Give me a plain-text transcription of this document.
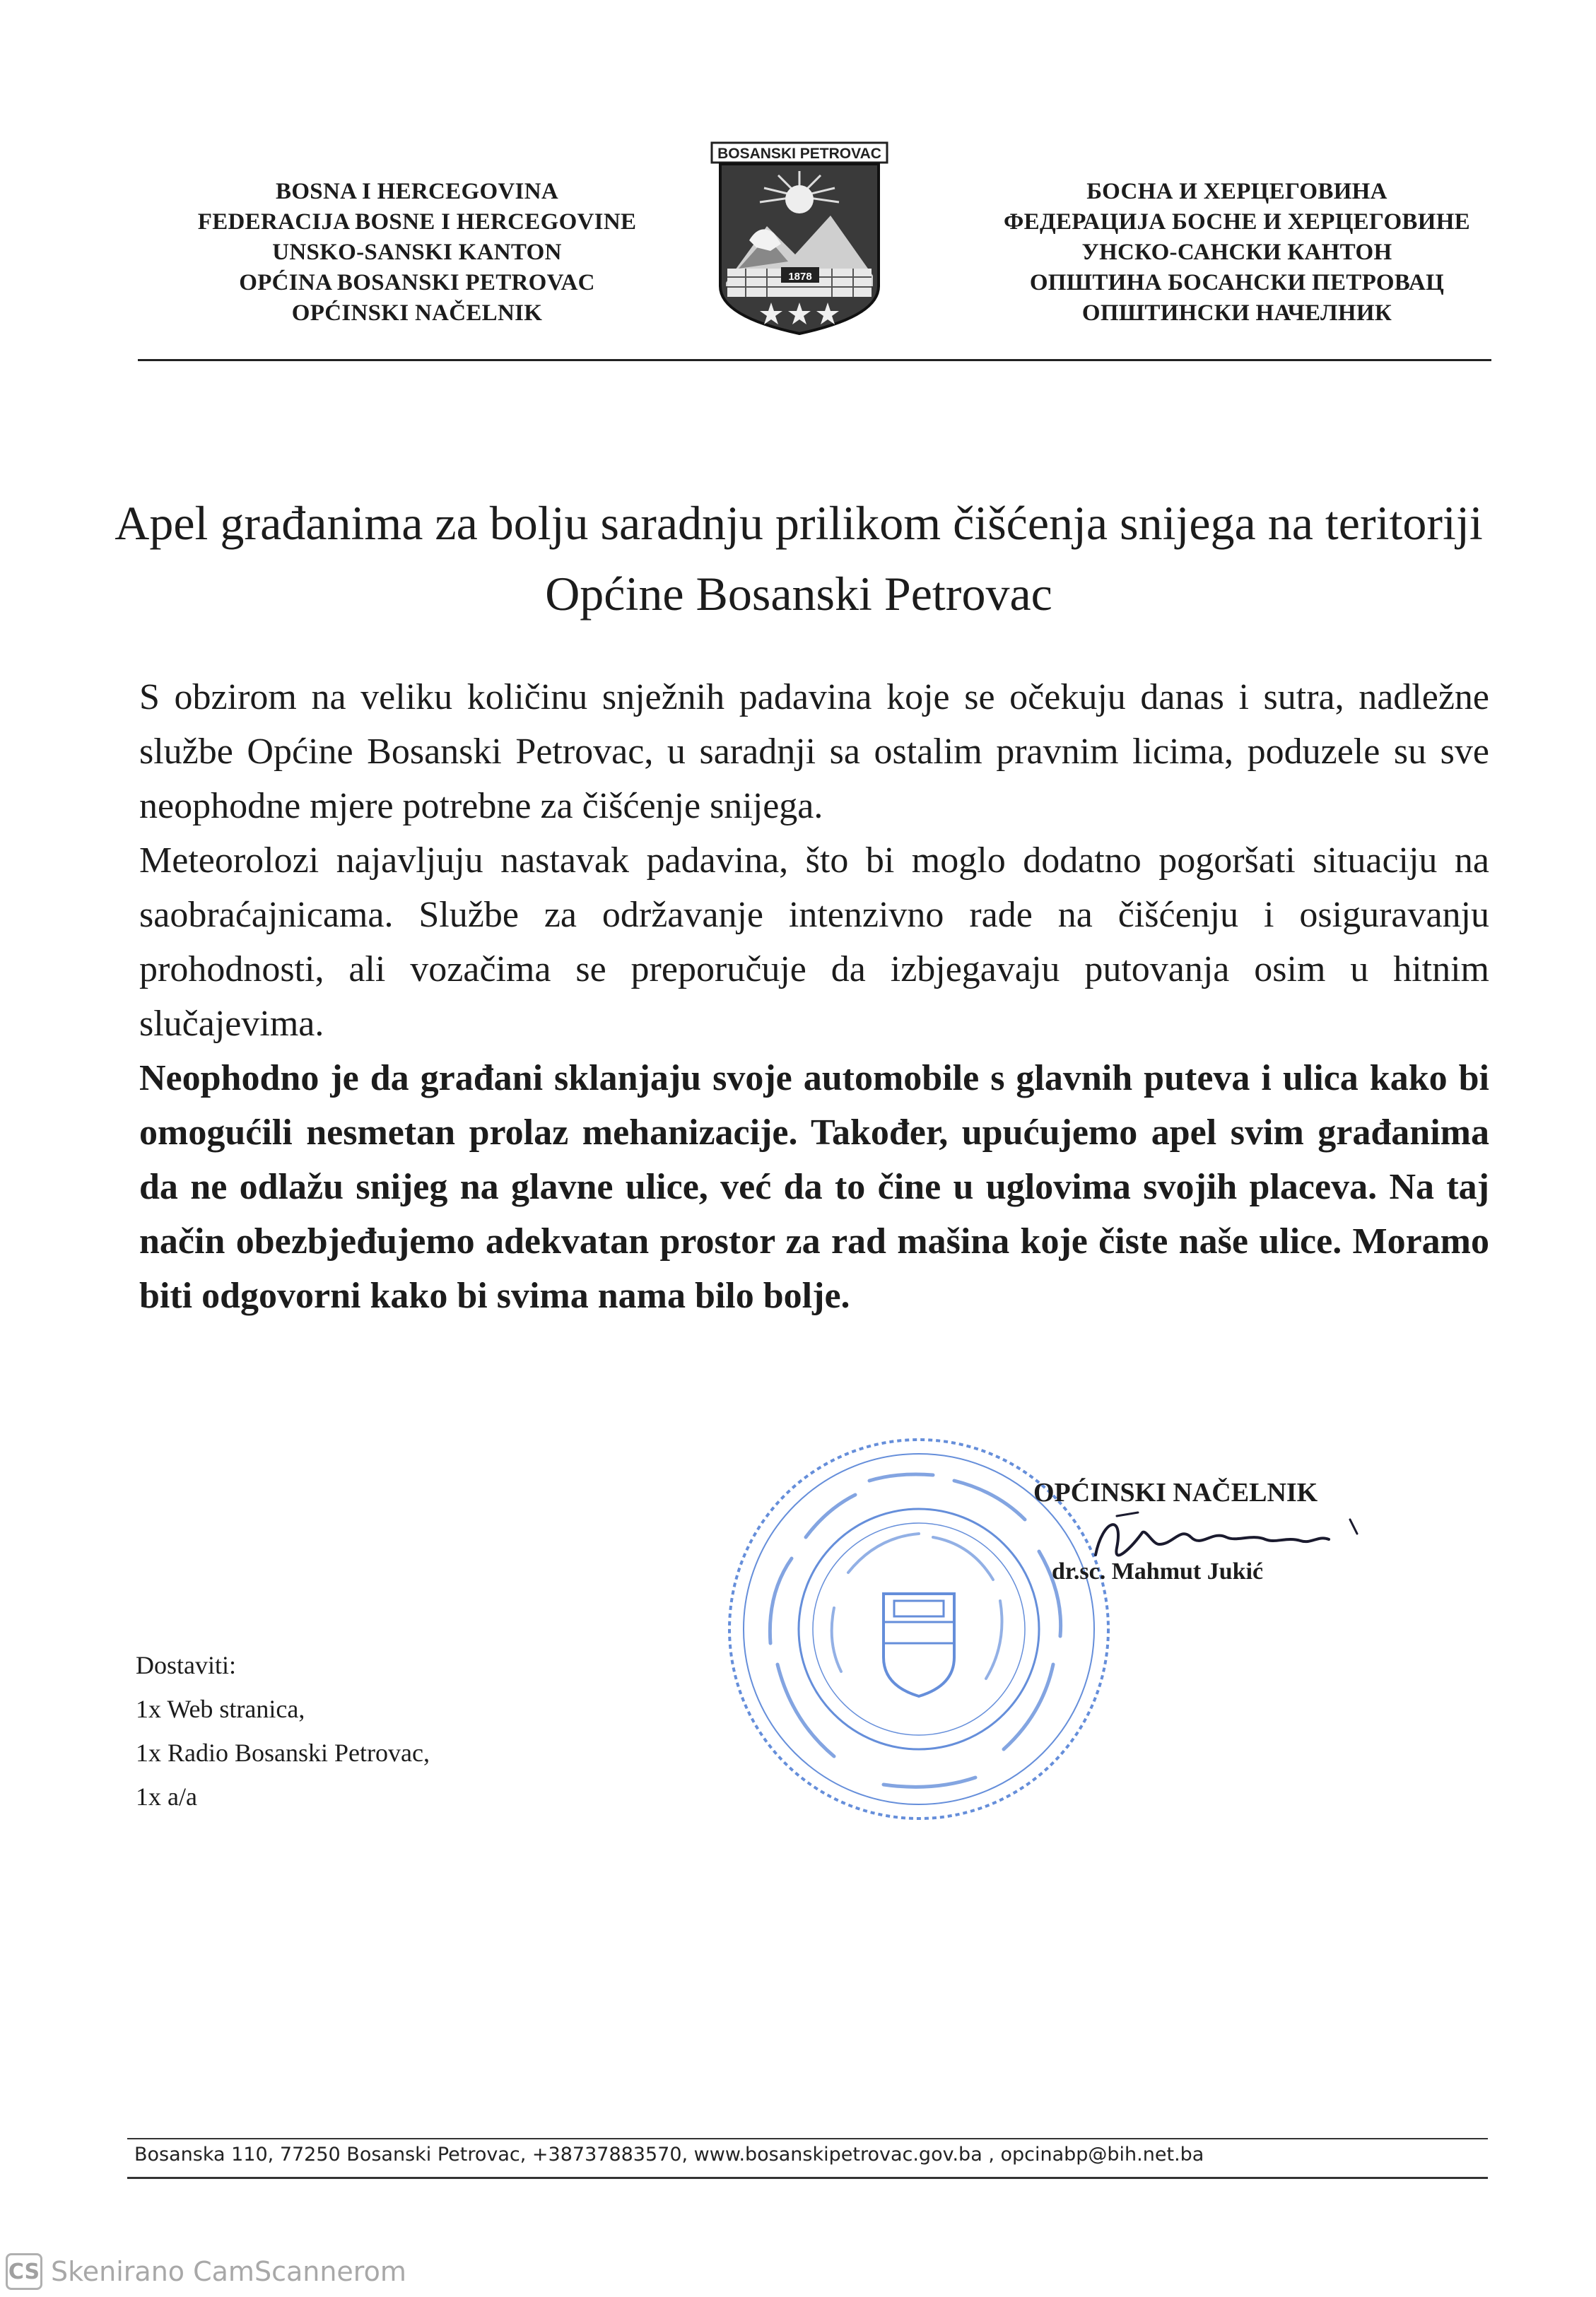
BOSNA I HERCEGOVINA
FEDERACIJA BOSNE I HERCEGOVINE
UNSKO-SANSKI KANTON
OPĆINA BOSANSKI PETROVAC
OPĆINSKI NAČELNIK
BOSANSKI PETROVAC
1878
БОСНА И ХЕРЦЕГОВИНА
ФЕДЕРАЦИЈА БОСНЕ И ХЕРЦЕГОВИНЕ
УНСКО-САНСКИ КАНТОН
ОПШТИНА БОСАНСКИ ПЕТРОВАЦ
ОПШТИНСКИ НАЧЕЛНИК
Apel građanima za bolju saradnju prilikom čišćenja snijega na teritoriji Općine Bosanski Petrovac

S obzirom na veliku količinu snježnih padavina koje se očekuju danas i sutra, nadležne službe Općine Bosanski Petrovac, u saradnji sa ostalim pravnim licima, poduzele su sve neophodne mjere potrebne za čišćenje snijega.

Meteorolozi najavljuju nastavak padavina, što bi moglo dodatno pogoršati situaciju na saobraćajnicama. Službe za održavanje intenzivno rade na čišćenju i osiguravanju prohodnosti, ali vozačima se preporučuje da izbjegavaju putovanja osim u hitnim slučajevima.

Neophodno je da građani sklanjaju svoje automobile s glavnih puteva i ulica kako bi omogućili nesmetan prolaz mehanizacije. Također, upućujemo apel svim građanima da ne odlažu snijeg na glavne ulice, već da to čine u uglovima svojih placeva. Na taj način obezbjeđujemo adekvatan prostor za rad mašina koje čiste naše ulice. Moramo biti odgovorni kako bi svima nama bilo bolje.

OPĆINSKI NAČELNIK
dr.sc. Mahmut Jukić
Dostaviti:
1x Web stranica,
1x Radio Bosanski Petrovac,
1x a/a
Bosanska 110, 77250 Bosanski Petrovac, +38737883570, www.bosanskipetrovac.gov.ba , opcinabp@bih.net.ba
CS Skenirano CamScannerom
